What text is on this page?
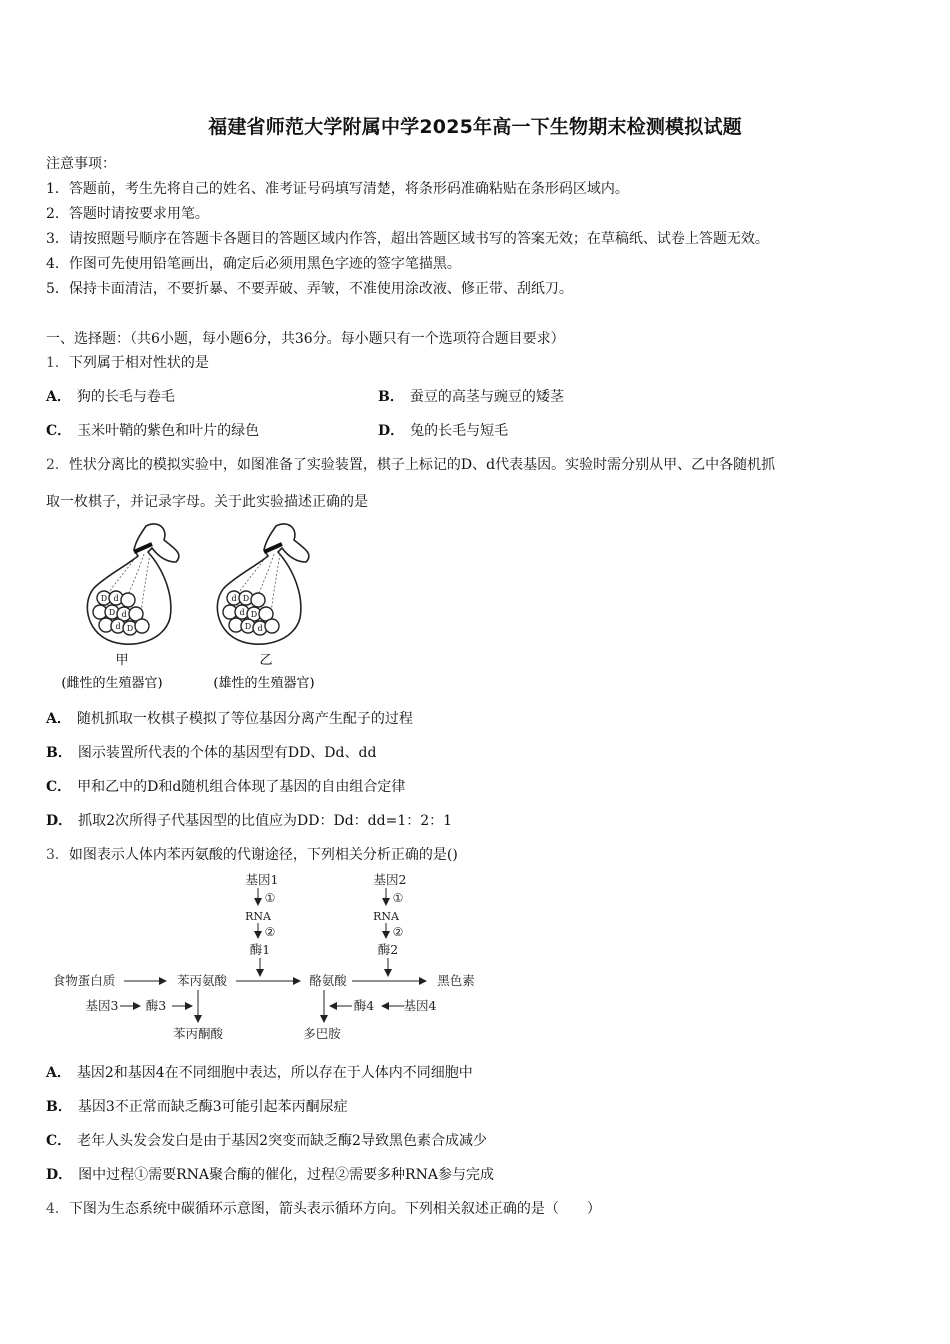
福建省师范大学附属中学2025年高一下生物期末检测模拟试题
注意事项：
1．答题前，考生先将自己的姓名、准考证号码填写清楚，将条形码准确粘贴在条形码区域内。
2．答题时请按要求用笔。
3．请按照题号顺序在答题卡各题目的答题区域内作答，超出答题区域书写的答案无效；在草稿纸、试卷上答题无效。
4．作图可先使用铅笔画出，确定后必须用黑色字迹的签字笔描黑。
5．保持卡面清洁，不要折暴、不要弄破、弄皱，不准使用涂改液、修正带、刮纸刀。
一、选择题：（共6小题，每小题6分，共36分。每小题只有一个选项符合题目要求）
1．下列属于相对性状的是
A． 狗的长毛与卷毛	B． 蚕豆的高茎与豌豆的矮茎
C． 玉米叶鞘的紫色和叶片的绿色	D． 兔的长毛与短毛
2．性状分离比的模拟实验中，如图准备了实验装置，棋子上标记的D、d代表基因。实验时需分别从甲、乙中各随机抓
取一枚棋子，并记录字母。关于此实验描述正确的是
D d
D d
d D
甲
(雌性的生殖器官)
d D
d D
D d
乙
(雄性的生殖器官)
A． 随机抓取一枚棋子模拟了等位基因分离产生配子的过程
B． 图示装置所代表的个体的基因型有DD、Dd、dd
C． 甲和乙中的D和d随机组合体现了基因的自由组合定律
D． 抓取2次所得子代基因型的比值应为DD：Dd：dd=1：2：1
3．如图表示人体内苯丙氨酸的代谢途径，下列相关分析正确的是()
基因1
①
RNA
②
酶1
基因2
①
RNA
②
酶2
食物蛋白质	苯丙氨酸	酪氨酸	黑色素
基因3 酶3
苯丙酮酸	多巴胺
酶4 基因4
A． 基因2和基因4在不同细胞中表达，所以存在于人体内不同细胞中
B． 基因3不正常而缺乏酶3可能引起苯丙酮尿症
C． 老年人头发会发白是由于基因2突变而缺乏酶2导致黑色素合成减少
D． 图中过程①需要RNA聚合酶的催化，过程②需要多种RNA参与完成
4．下图为生态系统中碳循环示意图，箭头表示循环方向。下列相关叙述正确的是（　　）
